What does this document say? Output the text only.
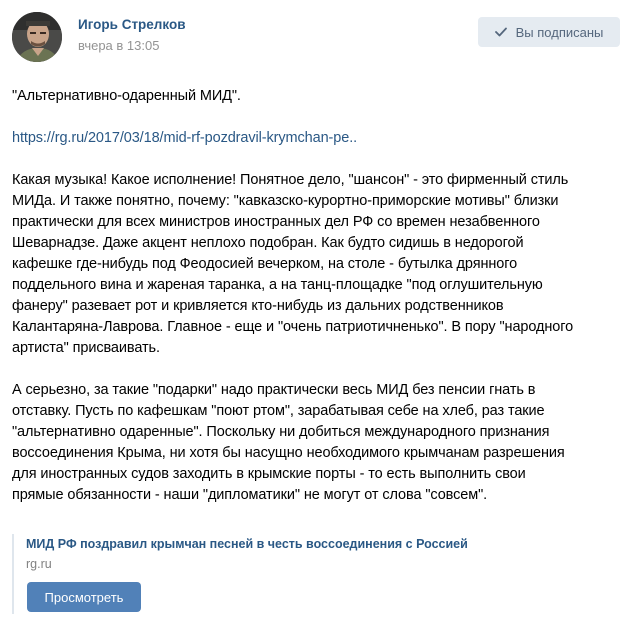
Игорь Стрелков
вчера в 13:05
Вы подписаны

"Альтернативно-одаренный МИД".

https://rg.ru/2017/03/18/mid-rf-pozdravil-krymchan-pe..

Какая музыка! Какое исполнение! Понятное дело, "шансон" - это фирменный стиль

МИДа. И также понятно, почему: "кавказско-курортно-приморские мотивы" близки

практически для всех министров иностранных дел РФ со времен незабвенного

Шеварнадзе. Даже акцент неплохо подобран. Как будто сидишь в недорогой

кафешке где-нибудь под Феодосией вечерком, на столе - бутылка дрянного

поддельного вина и жареная таранка, а на танц-площадке "под оглушительную

фанеру" разевает рот и кривляется кто-нибудь из дальних родственников

Калантаряна-Лаврова. Главное - еще и "очень патриотичненько". В пору "народного

артиста" присваивать.

А серьезно, за такие "подарки" надо практически весь МИД без пенсии гнать в

отставку. Пусть по кафешкам "поют ртом", зарабатывая себе на хлеб, раз такие

"альтернативно одаренные". Поскольку ни добиться международного признания

воссоединения Крыма, ни хотя бы насущно необходимого крымчанам разрешения

для иностранных судов заходить в крымские порты - то есть выполнить свои

прямые обязанности - наши "дипломатики" не могут от слова "совсем".

МИД РФ поздравил крымчан песней в честь воссоединения с Россией
rg.ru
Просмотреть
